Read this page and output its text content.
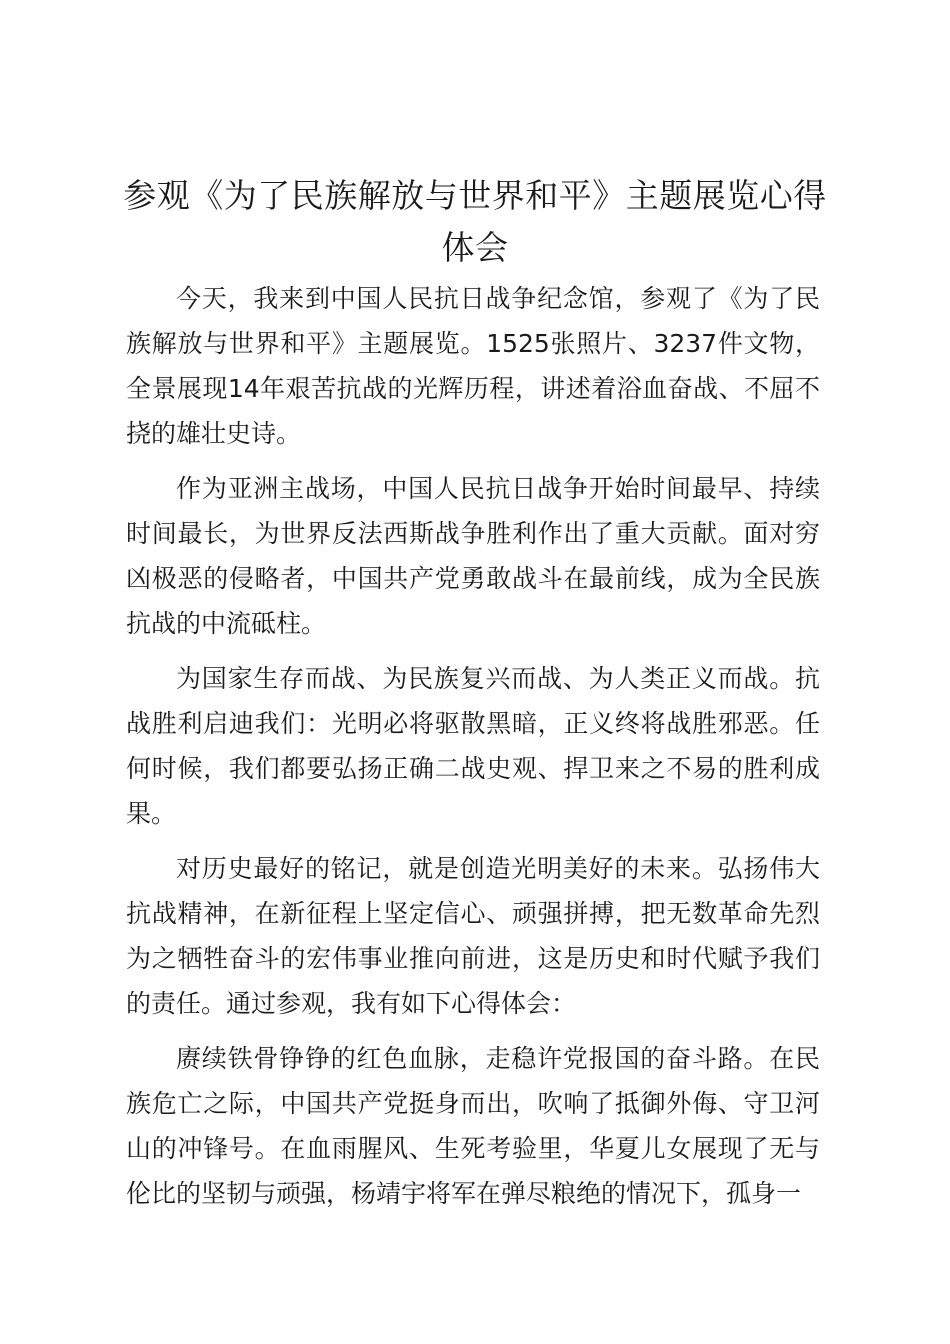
参观《为了民族解放与世界和平》主题展览心得体会

今天，我来到中国人民抗日战争纪念馆，参观了《为了民族解放与世界和平》主题展览。1525张照片、3237件文物，全景展现14年艰苦抗战的光辉历程，讲述着浴血奋战、不屈不挠的雄壮史诗。

作为亚洲主战场，中国人民抗日战争开始时间最早、持续时间最长，为世界反法西斯战争胜利作出了重大贡献。面对穷凶极恶的侵略者，中国共产党勇敢战斗在最前线，成为全民族抗战的中流砥柱。

为国家生存而战、为民族复兴而战、为人类正义而战。抗战胜利启迪我们：光明必将驱散黑暗，正义终将战胜邪恶。任何时候，我们都要弘扬正确二战史观、捍卫来之不易的胜利成果。

对历史最好的铭记，就是创造光明美好的未来。弘扬伟大抗战精神，在新征程上坚定信心、顽强拼搏，把无数革命先烈为之牺牲奋斗的宏伟事业推向前进，这是历史和时代赋予我们的责任。通过参观，我有如下心得体会：

赓续铁骨铮铮的红色血脉，走稳许党报国的奋斗路。在民族危亡之际，中国共产党挺身而出，吹响了抵御外侮、守卫河山的冲锋号。在血雨腥风、生死考验里，华夏儿女展现了无与伦比的坚韧与顽强，杨靖宇将军在弹尽粮绝的情况下，孤身一
